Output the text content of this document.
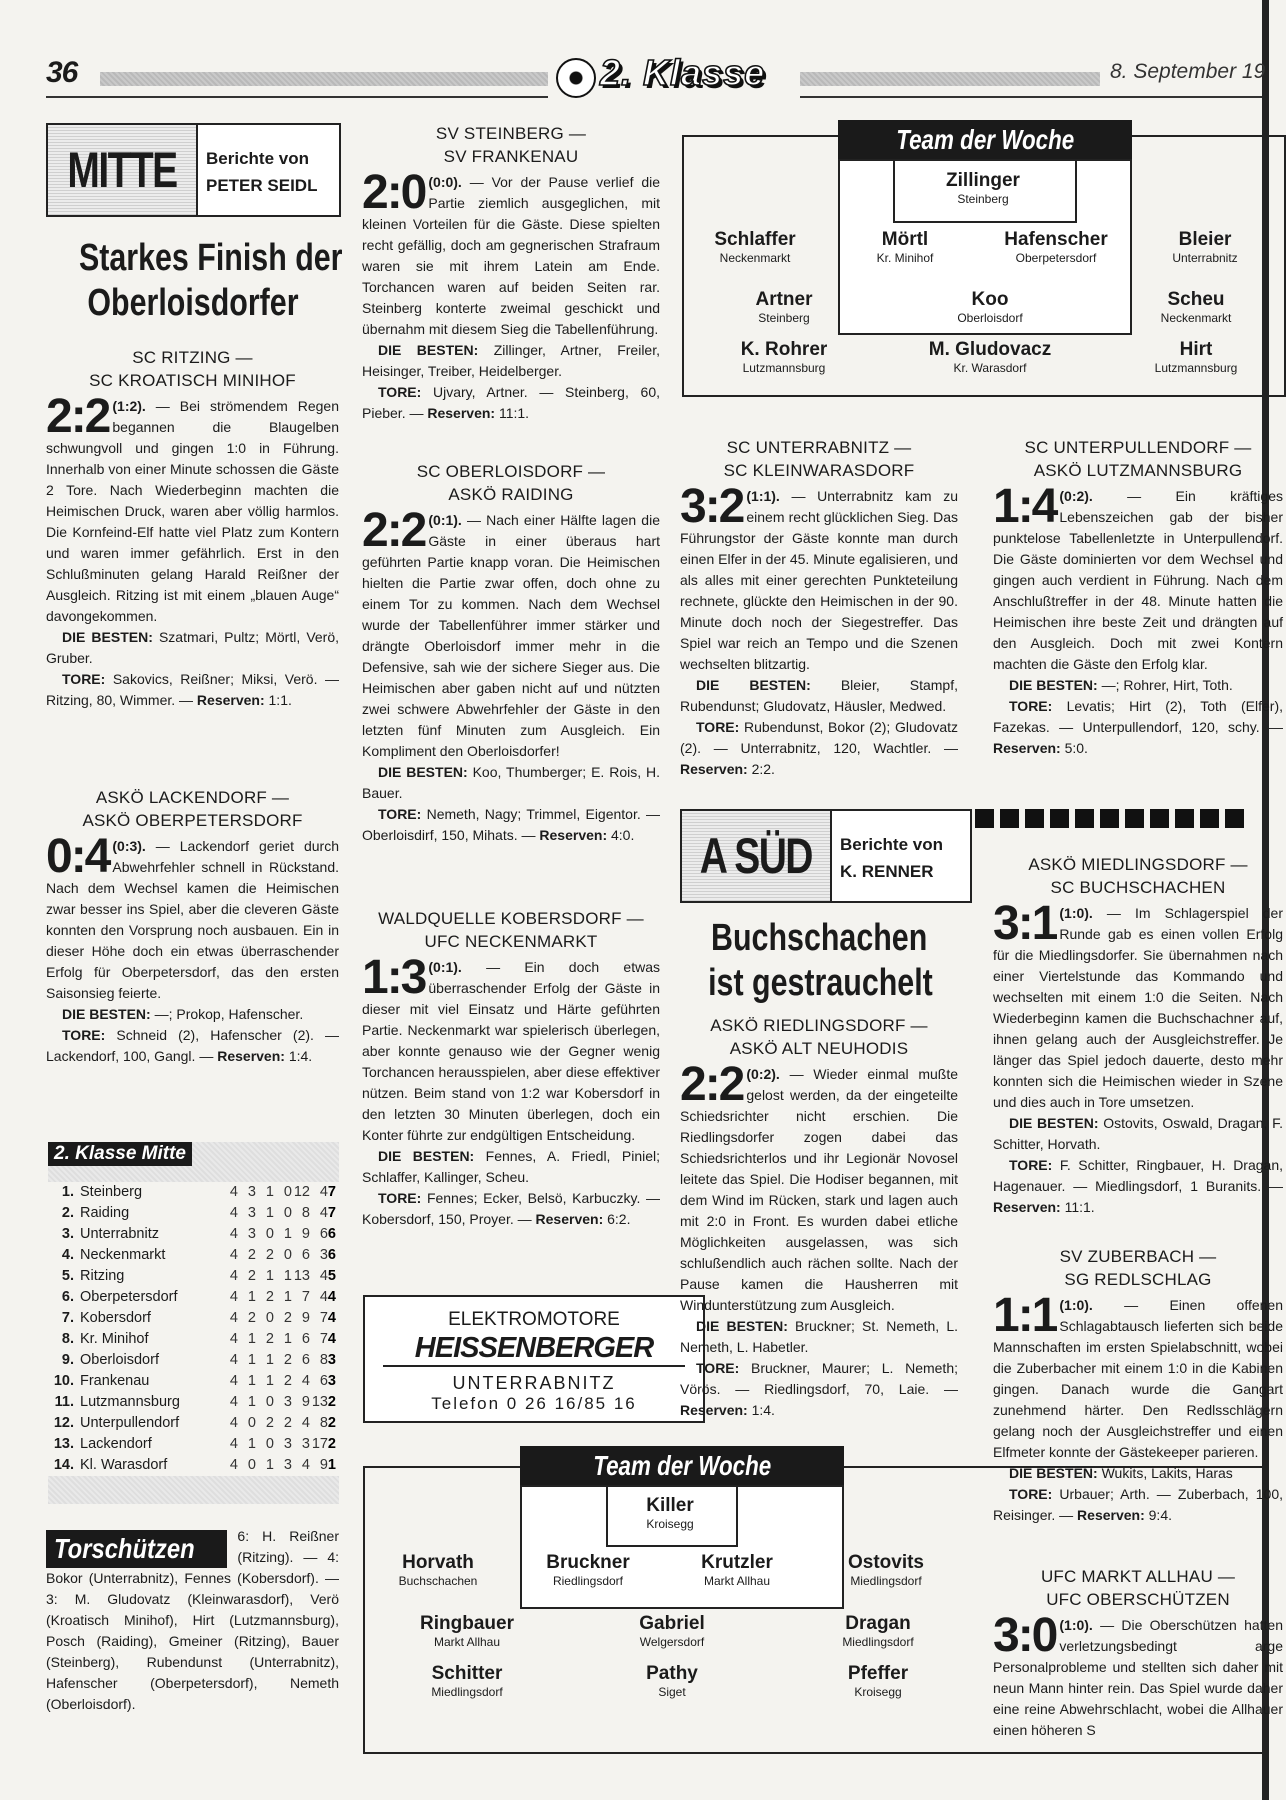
36	2. Klasse	8. September 19
MITTE Berichte von
PETER SEIDL
Starkes Finish der
Oberloisdorfer
2. Klasse Mitte
1. Steinberg	4 3 1 0 12 4 7
2. Raiding	4 3 1 0 8 4 7
3. Unterrabnitz	4 3 0 1 9 6 6
4. Neckenmarkt	4 2 2 0 6 3 6
5. Ritzing	4 2 1 1 13 4 5
6. Oberpetersdorf	4 1 2 1 7 4 4
7. Kobersdorf	4 2 0 2 9 7 4
8. Kr. Minihof	4 1 2 1 6 7 4
9. Oberloisdorf	4 1 1 2 6 8 3
10. Frankenau	4 1 1 2 4 6 3
11. Lutzmannsburg	4 1 0 3 9 13 2
12. Unterpullendorf	4 0 2 2 4 8 2
13. Lackendorf	4 1 0 3 3 17 2
14. Kl. Warasdorf	4 0 1 3 4 9 1
Torschützen	6: H. Reißner (Ritzing). — 4: Bokor (Unterrabnitz), Fennes (Kobersdorf). — 3: M. Gludovatz (Kleinwarasdorf), Verö (Kroatisch Minihof), Hirt (Lutzmannsburg), Posch (Raiding), Gmeiner (Ritzing), Bauer (Steinberg), Rubendunst (Unterrabnitz), Hafenscher (Oberpetersdorf), Nemeth (Oberloisdorf).
Team der Woche
Zillinger
Steinberg
Schlaffer
Neckenmarkt
Mörtl
Kr. Minihof
Hafenscher
Oberpetersdorf
Bleier
Unterrabnitz
Artner
Steinberg
Koo
Oberloisdorf
Scheu
Neckenmarkt
K. Rohrer
Lutzmannsburg
M. Gludovacz
Kr. Warasdorf
Hirt
Lutzmannsburg
A SÜD Berichte von
K. RENNER
Buchschachen
ist gestrauchelt
ELEKTROMOTORE
HEISSENBERGER
UNTERRABNITZ
Telefon 0 26 16/85 16
Team der Woche
Killer
Kroisegg
Horvath
Buchschachen
Bruckner
Riedlingsdorf
Krutzler
Markt Allhau
Ostovits
Miedlingsdorf
Ringbauer
Markt Allhau
Gabriel
Welgersdorf
Dragan
Miedlingsdorf
Schitter
Miedlingsdorf
Pathy
Siget
Pfeffer
Kroisegg
SC RITZING —
SC KROATISCH MINIHOF

2:2 (1:2). — Bei strömendem Regen begannen die Blaugelben schwungvoll und gingen 1:0 in Führung. Innerhalb von einer Minute schossen die Gäste 2 Tore. Nach Wiederbeginn machten die Heimischen Druck, waren aber völlig harmlos. Die Kornfeind-Elf hatte viel Platz zum Kontern und waren immer gefährlich. Erst in den Schlußminuten gelang Harald Reißner der Ausgleich. Ritzing ist mit einem „blauen Auge“ davongekommen.

DIE BESTEN: Szatmari, Pultz; Mörtl, Verö, Gruber.

TORE: Sakovics, Reißner; Miksi, Verö. — Ritzing, 80, Wimmer. — Reserven: 1:1.

ASKÖ LACKENDORF —
ASKÖ OBERPETERSDORF

0:4 (0:3). — Lackendorf geriet durch Abwehrfehler schnell in Rückstand. Nach dem Wechsel kamen die Heimischen zwar besser ins Spiel, aber die cleveren Gäste konnten den Vorsprung noch ausbauen. Ein in dieser Höhe doch ein etwas überraschender Erfolg für Oberpetersdorf, das den ersten Saisonsieg feierte.

DIE BESTEN: —; Prokop, Hafenscher.

TORE: Schneid (2), Hafenscher (2). — Lackendorf, 100, Gangl. — Reserven: 1:4.

SV STEINBERG —
SV FRANKENAU

2:0 (0:0). — Vor der Pause verlief die Partie ziemlich ausgeglichen, mit kleinen Vorteilen für die Gäste. Diese spielten recht gefällig, doch am gegnerischen Strafraum waren sie mit ihrem Latein am Ende. Torchancen waren auf beiden Seiten rar. Steinberg konterte zweimal geschickt und übernahm mit diesem Sieg die Tabellenführung.

DIE BESTEN: Zillinger, Artner, Freiler, Heisinger, Treiber, Heidelberger.

TORE: Ujvary, Artner. — Steinberg, 60, Pieber. — Reserven: 11:1.

SC OBERLOISDORF —
ASKÖ RAIDING

2:2 (0:1). — Nach einer Hälfte lagen die Gäste in einer überaus hart geführten Partie knapp voran. Die Heimischen hielten die Partie zwar offen, doch ohne zu einem Tor zu kommen. Nach dem Wechsel wurde der Tabellenführer immer stärker und drängte Oberloisdorf immer mehr in die Defensive, sah wie der sichere Sieger aus. Die Heimischen aber gaben nicht auf und nützten zwei schwere Abwehrfehler der Gäste in den letzten fünf Minuten zum Ausgleich. Ein Kompliment den Oberloisdorfer!

DIE BESTEN: Koo, Thumberger; E. Rois, H. Bauer.

TORE: Nemeth, Nagy; Trimmel, Eigentor. — Oberloisdirf, 150, Mihats. — Reserven: 4:0.

WALDQUELLE KOBERSDORF —
UFC NECKENMARKT

1:3 (0:1). — Ein doch etwas überraschender Erfolg der Gäste in dieser mit viel Einsatz und Härte geführten Partie. Neckenmarkt war spielerisch überlegen, aber konnte genauso wie der Gegner wenig Torchancen herausspielen, aber diese effektiver nützen. Beim stand von 1:2 war Kobersdorf in den letzten 30 Minuten überlegen, doch ein Konter führte zur endgültigen Entscheidung.

DIE BESTEN: Fennes, A. Friedl, Piniel; Schlaffer, Kallinger, Scheu.

TORE: Fennes; Ecker, Belsö, Karbuczky. — Kobersdorf, 150, Proyer. — Reserven: 6:2.

SC UNTERRABNITZ —
SC KLEINWARASDORF

3:2 (1:1). — Unterrabnitz kam zu einem recht glücklichen Sieg. Das Führungstor der Gäste konnte man durch einen Elfer in der 45. Minute egalisieren, und als alles mit einer gerechten Punkteteilung rechnete, glückte den Heimischen in der 90. Minute doch noch der Siegestreffer. Das Spiel war reich an Tempo und die Szenen wechselten blitzartig.

DIE BESTEN: Bleier, Stampf, Rubendunst; Gludovatz, Häusler, Medwed.

TORE: Rubendunst, Bokor (2); Gludovatz (2). — Unterrabnitz, 120, Wachtler. — Reserven: 2:2.

ASKÖ RIEDLINGSDORF —
ASKÖ ALT NEUHODIS

2:2 (0:2). — Wieder einmal mußte gelost werden, da der eingeteilte Schiedsrichter nicht erschien. Die Riedlingsdorfer zogen dabei das Schiedsrichterlos und ihr Legionär Novosel leitete das Spiel. Die Hodiser begannen, mit dem Wind im Rücken, stark und lagen auch mit 2:0 in Front. Es wurden dabei etliche Möglichkeiten ausgelassen, was sich schlußendlich auch rächen sollte. Nach der Pause kamen die Hausherren mit Windunterstützung zum Ausgleich.

DIE BESTEN: Bruckner; St. Nemeth, L. Nemeth, L. Habetler.

TORE: Bruckner, Maurer; L. Nemeth; Vörös. — Riedlingsdorf, 70, Laie. — Reserven: 1:4.

SC UNTERPULLENDORF —
ASKÖ LUTZMANNSBURG

1:4 (0:2). — Ein kräftiges Lebenszeichen gab der bisher punktelose Tabellenletzte in Unterpullendorf. Die Gäste dominierten vor dem Wechsel und gingen auch verdient in Führung. Nach dem Anschlußtreffer in der 48. Minute hatten die Heimischen ihre beste Zeit und drängten auf den Ausgleich. Doch mit zwei Kontern machten die Gäste den Erfolg klar.

DIE BESTEN: —; Rohrer, Hirt, Toth.

TORE: Levatis; Hirt (2), Toth (Elfer), Fazekas. — Unterpullendorf, 120, schy. — Reserven: 5:0.

ASKÖ MIEDLINGSDORF —
SC BUCHSCHACHEN

3:1 (1:0). — Im Schlagerspiel der Runde gab es einen vollen Erfolg für die Miedlingsdorfer. Sie übernahmen nach einer Viertelstunde das Kommando und wechselten mit einem 1:0 die Seiten. Nach Wiederbeginn kamen die Buchschachner auf, ihnen gelang auch der Ausgleichstreffer. Je länger das Spiel jedoch dauerte, desto mehr konnten sich die Heimischen wieder in Szene und dies auch in Tore umsetzen.

DIE BESTEN: Ostovits, Oswald, Dragan, F. Schitter, Horvath.

TORE: F. Schitter, Ringbauer, H. Dragan, Hagenauer. — Miedlingsdorf, 1 Buranits. — Reserven: 11:1.

SV ZUBERBACH —
SG REDLSCHLAG

1:1 (1:0). — Einen offenen Schlagabtausch lieferten sich beide Mannschaften im ersten Spielabschnitt, wobei die Zuberbacher mit einem 1:0 in die Kabinen gingen. Danach wurde die Gangart zunehmend härter. Den Redlsschlägern gelang noch der Ausgleichstreffer und einen Elfmeter konnte der Gästekeeper parieren.

DIE BESTEN: Wukits, Lakits, Haras

TORE: Urbauer; Arth. — Zuberbach, 100, Reisinger. — Reserven: 9:4.

UFC MARKT ALLHAU —
UFC OBERSCHÜTZEN

3:0 (1:0). — Die Oberschützen hatten verletzungsbedingt arge Personalprobleme und stellten sich daher mit neun Mann hinter rein. Das Spiel wurde daher eine reine Abwehrschlacht, wobei die Allhauer einen höheren S
